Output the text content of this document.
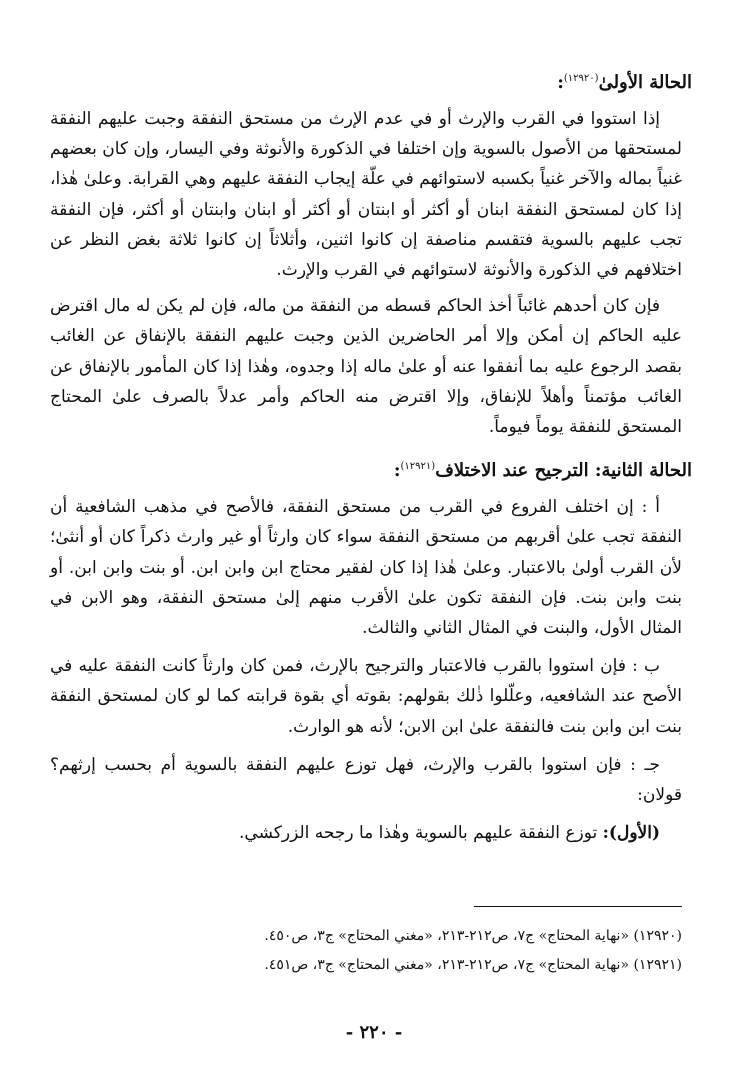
الحالة الأولىٰ$^{(١٢٩٢٠)}$:

إذا استووا في القرب والإرث أو في عدم الإرث من مستحق النفقة وجبت عليهم النفقة لمستحقها من الأصول بالسوية وإن اختلفا في الذكورة والأنوثة وفي اليسار، وإن كان بعضهم غنياً بماله والآخر غنياً بكسبه لاستوائهم في علّة إيجاب النفقة عليهم وهي القرابة. وعلىٰ هٰذا، إذا كان لمستحق النفقة ابنان أو أكثر أو ابنتان أو أكثر أو ابنان وابنتان أو أكثر، فإن النفقة تجب عليهم بالسوية فتقسم مناصفة إن كانوا اثنين، وأثلاثاً إن كانوا ثلاثة بغض النظر عن اختلافهم في الذكورة والأنوثة لاستوائهم في القرب والإرث.

فإن كان أحدهم غائباً أخذ الحاكم قسطه من النفقة من ماله، فإن لم يكن له مال اقترض عليه الحاكم إن أمكن وإلا أمر الحاضرين الذين وجبت عليهم النفقة بالإنفاق عن الغائب بقصد الرجوع عليه بما أنفقوا عنه أو علىٰ ماله إذا وجدوه، وهٰذا إذا كان المأمور بالإنفاق عن الغائب مؤتمناً وأهلاً للإنفاق، وإلا اقترض منه الحاكم وأمر عدلاً بالصرف علىٰ المحتاج المستحق للنفقة يوماً فيوماً.

الحالة الثانية: الترجيح عند الاختلاف$^{(١٢٩٢١)}$:

أ : إن اختلف الفروع في القرب من مستحق النفقة، فالأصح في مذهب الشافعية أن النفقة تجب علىٰ أقربهم من مستحق النفقة سواء كان وارثاً أو غير وارث ذكراً كان أو أنثىٰ؛ لأن القرب أولىٰ بالاعتبار. وعلىٰ هٰذا إذا كان لفقير محتاج ابن وابن ابن. أو بنت وابن ابن. أو بنت وابن بنت. فإن النفقة تكون علىٰ الأقرب منهم إلىٰ مستحق النفقة، وهو الابن في المثال الأول، والبنت في المثال الثاني والثالث.

ب : فإن استووا بالقرب فالاعتبار والترجيح بالإرث، فمن كان وارثاً كانت النفقة عليه في الأصح عند الشافعيه، وعلّلوا ذٰلك بقولهم: بقوته أي بقوة قرابته كما لو كان لمستحق النفقة بنت ابن وابن بنت فالنفقة علىٰ ابن الابن؛ لأنه هو الوارث.

جـ : فإن استووا بالقرب والإرث، فهل توزع عليهم النفقة بالسوية أم بحسب إرثهم؟ قولان:

(الأول): توزع النفقة عليهم بالسوية وهٰذا ما رجحه الزركشي.

(١٢٩٢٠) «نهاية المحتاج» ج٧، ص٢١٢-٢١٣، «مغني المحتاج» ج٣، ص٤٥٠.

(١٢٩٢١) «نهاية المحتاج» ج٧، ص٢١٢-٢١٣، «مغني المحتاج» ج٣، ص٤٥١.

- ٢٢٠ -
